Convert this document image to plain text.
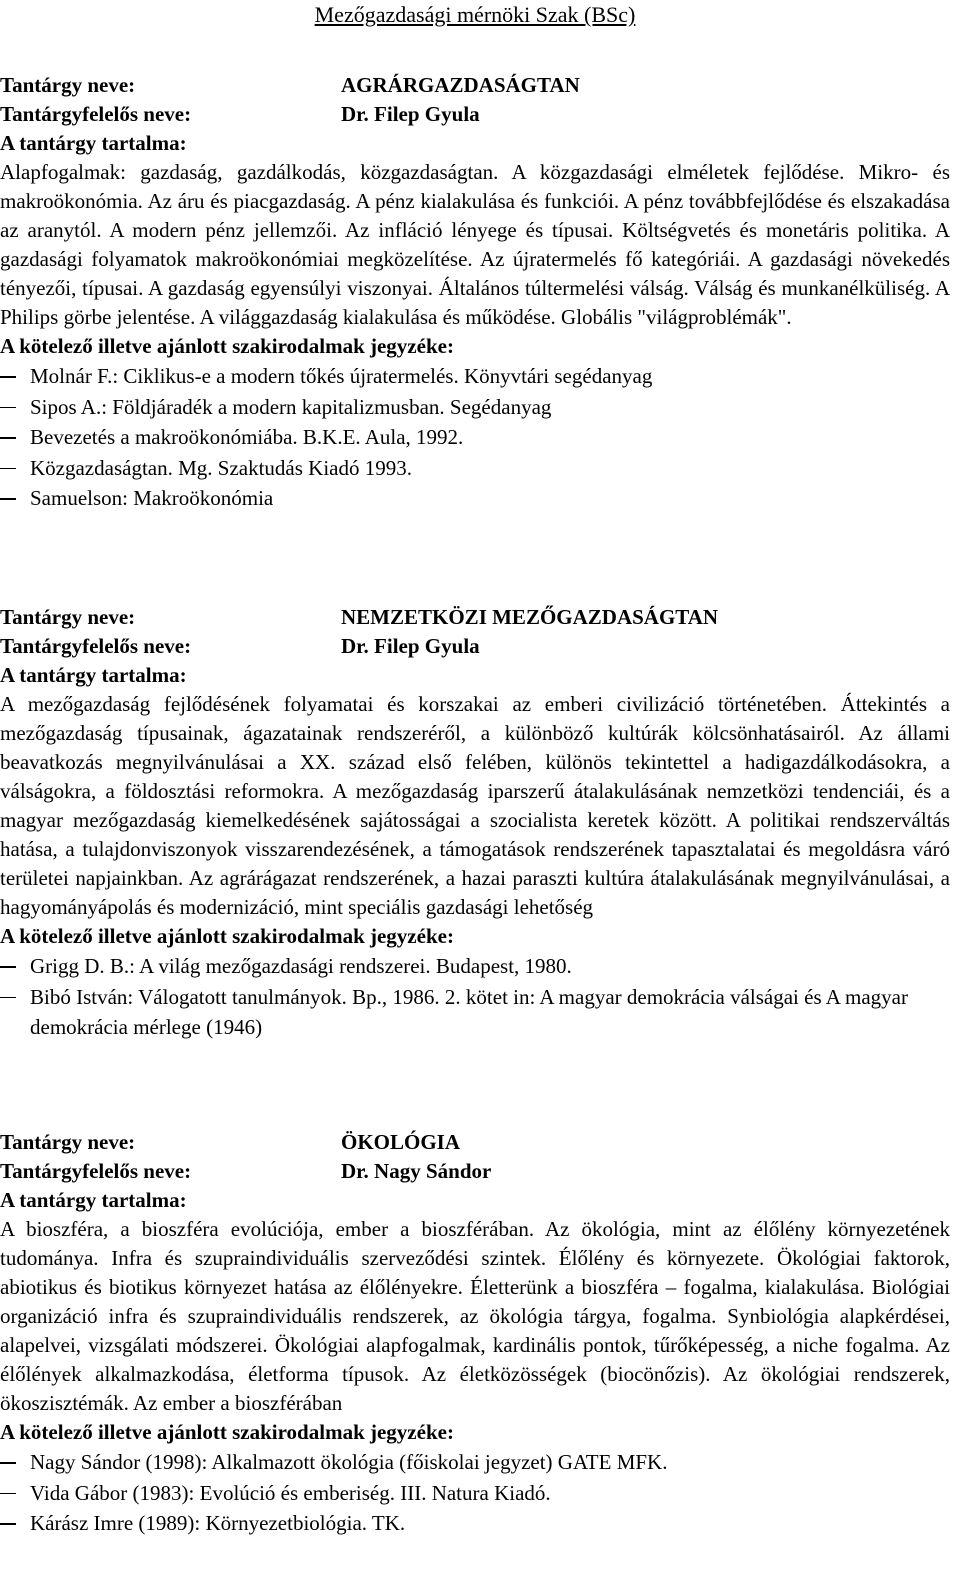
Mezőgazdasági mérnöki Szak (BSc)
Tantárgy neve:	AGRÁRGAZDASÁGTAN
Tantárgyfelelős neve:	Dr. Filep Gyula
A tantárgy tartalma:

Alapfogalmak: gazdaság, gazdálkodás, közgazdaságtan. A közgazdasági elméletek fejlődése. Mikro- és makroökonómia. Az áru és piacgazdaság. A pénz kialakulása és funkciói. A pénz továbbfejlődése és elszakadása az aranytól. A modern pénz jellemzői. Az infláció lényege és típusai. Költségvetés és monetáris politika. A gazdasági folyamatok makroökonómiai megközelítése. Az újratermelés fő kategóriái. A gazdasági növekedés tényezői, típusai. A gazdaság egyensúlyi viszonyai. Általános túltermelési válság. Válság és munkanélküliség. A Philips görbe jelentése. A világgazdaság kialakulása és működése. Globális "világproblémák".

A kötelező illetve ajánlott szakirodalmak jegyzéke:
Molnár F.: Ciklikus-e a modern tőkés újratermelés. Könyvtári segédanyag
Sipos A.: Földjáradék a modern kapitalizmusban. Segédanyag
Bevezetés a makroökonómiába. B.K.E. Aula, 1992.
Közgazdaságtan. Mg. Szaktudás Kiadó 1993.
Samuelson: Makroökonómia
Tantárgy neve:	NEMZETKÖZI MEZŐGAZDASÁGTAN
Tantárgyfelelős neve:	Dr. Filep Gyula
A tantárgy tartalma:

A mezőgazdaság fejlődésének folyamatai és korszakai az emberi civilizáció történetében. Áttekintés a mezőgazdaság típusainak, ágazatainak rendszeréről, a különböző kultúrák kölcsönhatásairól. Az állami beavatkozás megnyilvánulásai a XX. század első felében, különös tekintettel a hadigazdálkodásokra, a válságokra, a földosztási reformokra. A mezőgazdaság iparszerű átalakulásának nemzetközi tendenciái, és a magyar mezőgazdaság kiemelkedésének sajátosságai a szocialista keretek között. A politikai rendszerváltás hatása, a tulajdonviszonyok visszarendezésének, a támogatások rendszerének tapasztalatai és megoldásra váró területei napjainkban. Az agrárágazat rendszerének, a hazai paraszti kultúra átalakulásának megnyilvánulásai, a hagyományápolás és modernizáció, mint speciális gazdasági lehetőség

A kötelező illetve ajánlott szakirodalmak jegyzéke:
Grigg D. B.: A világ mezőgazdasági rendszerei. Budapest, 1980.
Bibó István: Válogatott tanulmányok. Bp., 1986. 2. kötet in: A magyar demokrácia válságai és A magyar demokrácia mérlege (1946)
Tantárgy neve:	ÖKOLÓGIA
Tantárgyfelelős neve:	Dr. Nagy Sándor
A tantárgy tartalma:

A bioszféra, a bioszféra evolúciója, ember a bioszférában. Az ökológia, mint az élőlény környezetének tudománya. Infra és szupraindividuális szerveződési szintek. Élőlény és környezete. Ökológiai faktorok, abiotikus és biotikus környezet hatása az élőlényekre. Életterünk a bioszféra – fogalma, kialakulása. Biológiai organizáció infra és szupraindividuális rendszerek, az ökológia tárgya, fogalma. Synbiológia alapkérdései, alapelvei, vizsgálati módszerei. Ökológiai alapfogalmak, kardinális pontok, tűrőképesség, a niche fogalma. Az élőlények alkalmazkodása, életforma típusok. Az életközösségek (biocönőzis). Az ökológiai rendszerek, ökoszisztémák. Az ember a bioszférában

A kötelező illetve ajánlott szakirodalmak jegyzéke:
Nagy Sándor (1998): Alkalmazott ökológia (főiskolai jegyzet) GATE MFK.
Vida Gábor (1983): Evolúció és emberiség. III. Natura Kiadó.
Kárász Imre (1989): Környezetbiológia. TK.
